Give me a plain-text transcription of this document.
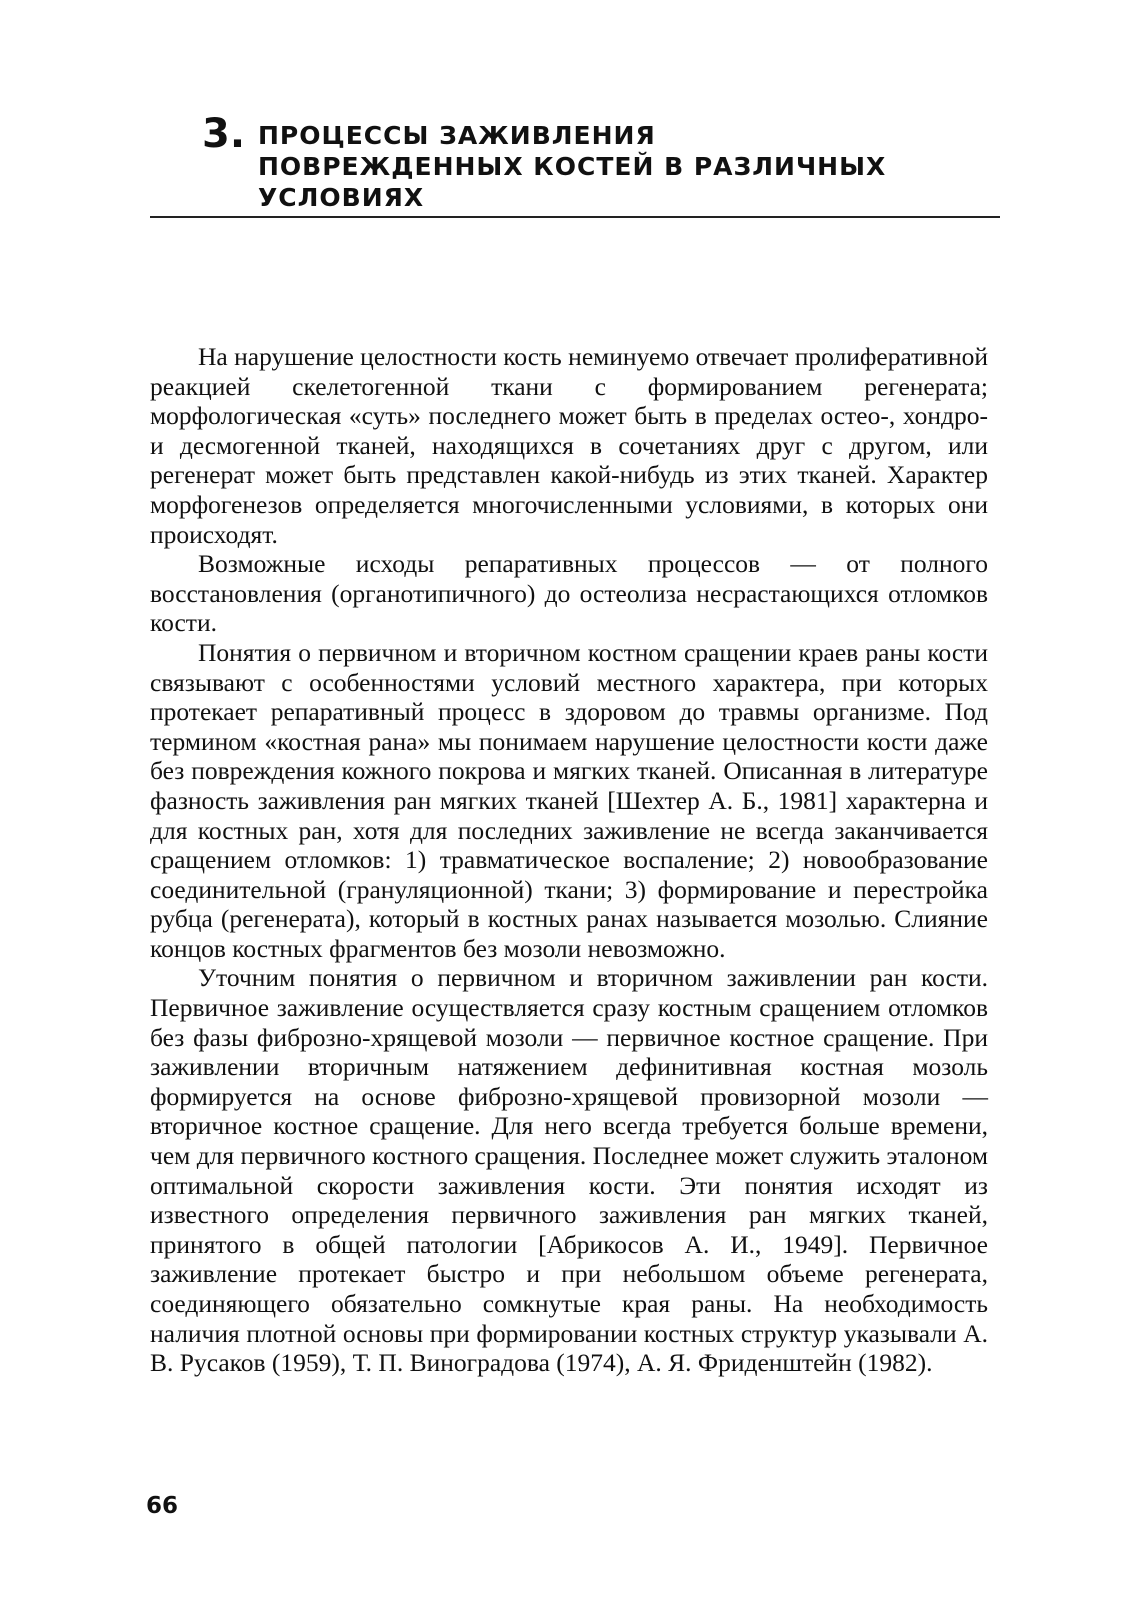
3. ПРОЦЕССЫ ЗАЖИВЛЕНИЯ
ПОВРЕЖДЕННЫХ КОСТЕЙ В РАЗЛИЧНЫХ
УСЛОВИЯХ

На нарушение целостности кость неминуемо отвечает пролиферативной реакцией скелетогенной ткани с формированием регенерата; морфологическая «суть» последнего может быть в пределах остео-, хондро- и десмогенной тканей, находящихся в сочетаниях друг с другом, или регенерат может быть представлен какой-нибудь из этих тканей. Характер морфогенезов определяется многочисленными условиями, в которых они происходят.

Возможные исходы репаративных процессов — от полного восстановления (органотипичного) до остеолиза несрастающихся отломков кости.

Понятия о первичном и вторичном костном сращении краев раны кости связывают с особенностями условий местного характера, при которых протекает репаративный процесс в здоровом до травмы организме. Под термином «костная рана» мы понимаем нарушение целостности кости даже без повреждения кожного покрова и мягких тканей. Описанная в литературе фазность заживления ран мягких тканей [Шехтер А. Б., 1981] характерна и для костных ран, хотя для последних заживление не всегда заканчивается сращением отломков: 1) травматическое воспаление; 2) новообразование соединительной (грануляционной) ткани; 3) формирование и перестройка рубца (регенерата), который в костных ранах называется мозолью. Слияние концов костных фрагментов без мозоли невозможно.

Уточним понятия о первичном и вторичном заживлении ран кости. Первичное заживление осуществляется сразу костным сращением отломков без фазы фиброзно-хрящевой мозоли — первичное костное сращение. При заживлении вторичным натяжением дефинитивная костная мозоль формируется на основе фиброзно-хрящевой провизорной мозоли — вторичное костное сращение. Для него всегда требуется больше времени, чем для первичного костного сращения. Последнее может служить эталоном оптимальной скорости заживления кости. Эти понятия исходят из известного определения первичного заживления ран мягких тканей, принятого в общей патологии [Абрикосов А. И., 1949]. Первичное заживление протекает быстро и при небольшом объеме регенерата, соединяющего обязательно сомкнутые края раны. На необходимость наличия плотной основы при формировании костных структур указывали А. В. Русаков (1959), Т. П. Виноградова (1974), А. Я. Фриденштейн (1982).

66
